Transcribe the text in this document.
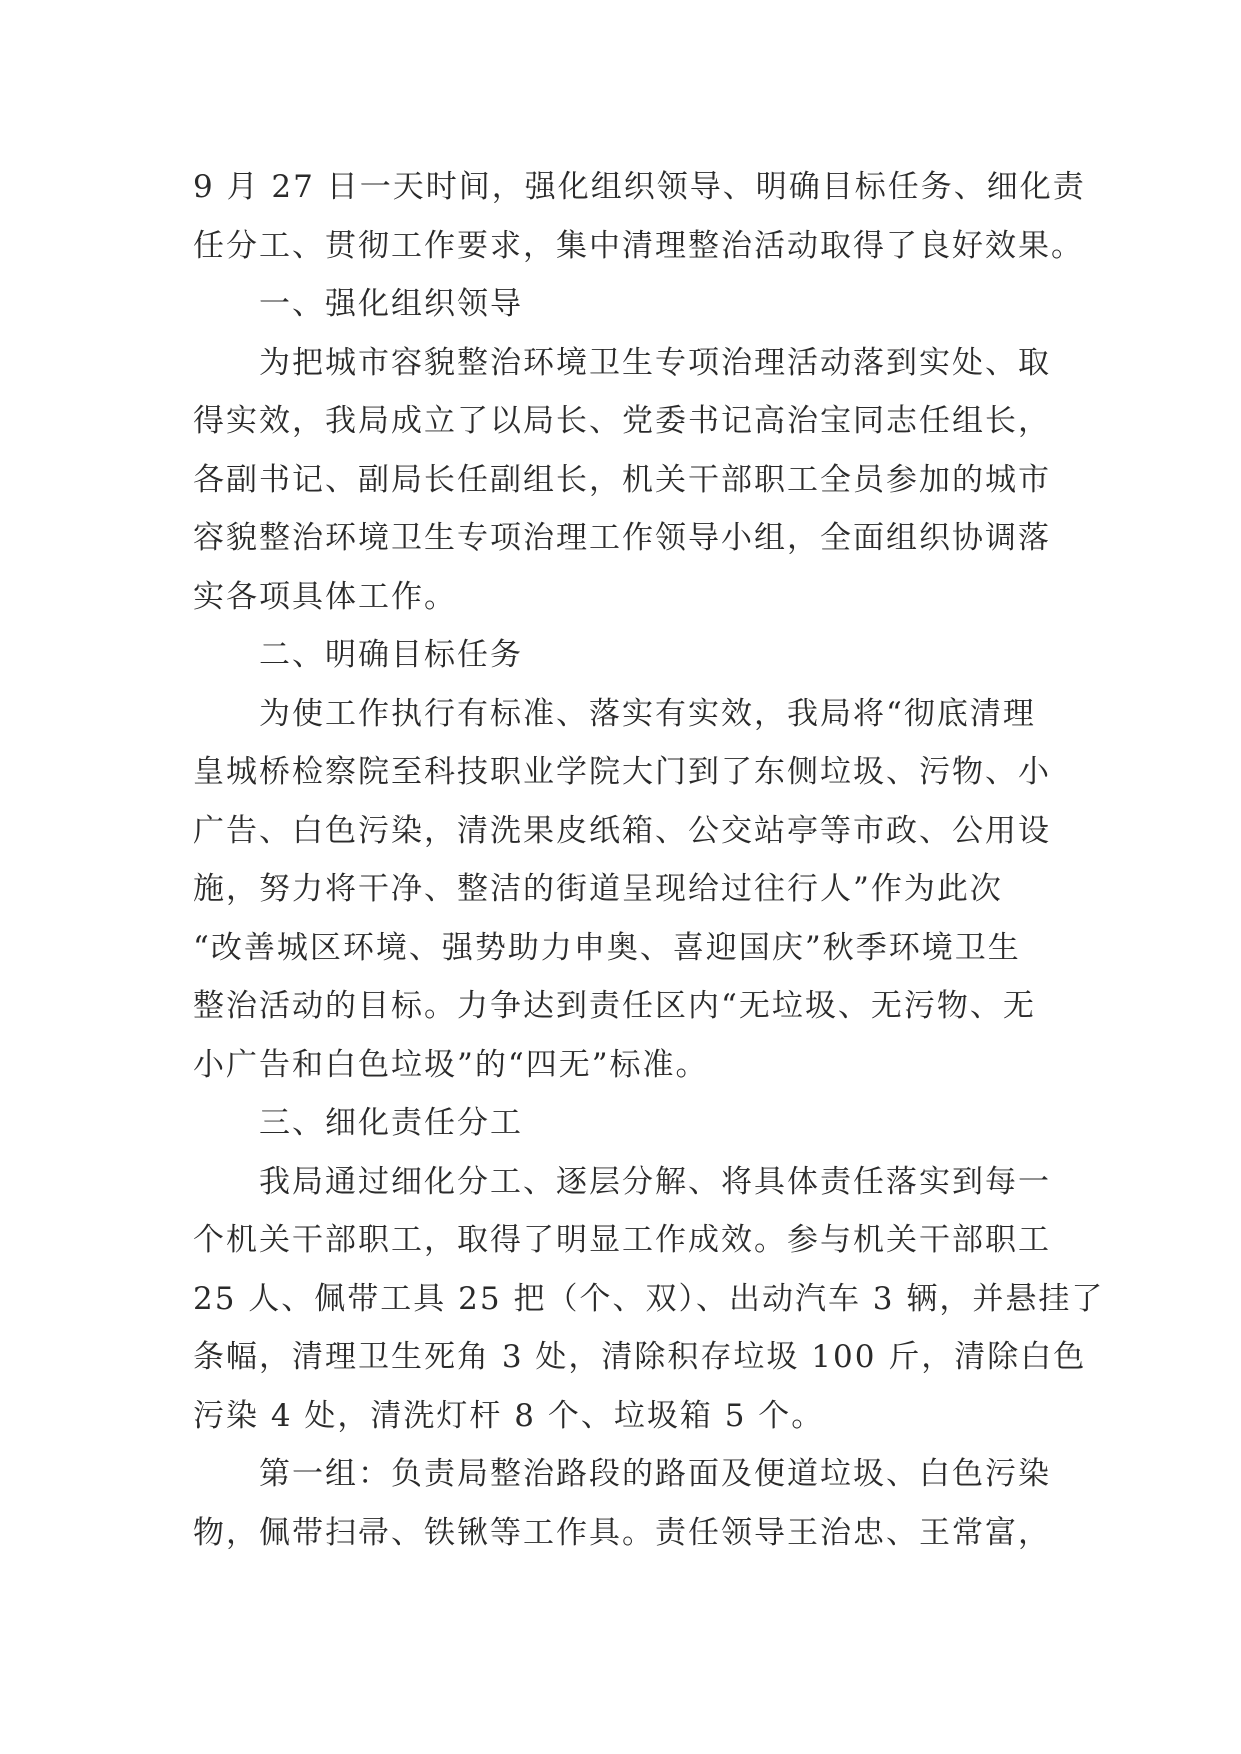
9 月 27 日一天时间，强化组织领导、明确目标任务、细化责
任分工、贯彻工作要求，集中清理整治活动取得了良好效果。
一、强化组织领导
为把城市容貌整治环境卫生专项治理活动落到实处、取
得实效，我局成立了以局长、党委书记高治宝同志任组长，
各副书记、副局长任副组长，机关干部职工全员参加的城市
容貌整治环境卫生专项治理工作领导小组，全面组织协调落
实各项具体工作。
二、明确目标任务
为使工作执行有标准、落实有实效，我局将“彻底清理
皇城桥检察院至科技职业学院大门到了东侧垃圾、污物、小
广告、白色污染，清洗果皮纸箱、公交站亭等市政、公用设
施，努力将干净、整洁的街道呈现给过往行人”作为此次
“改善城区环境、强势助力申奥、喜迎国庆”秋季环境卫生
整治活动的目标。力争达到责任区内“无垃圾、无污物、无
小广告和白色垃圾”的“四无”标准。
三、细化责任分工
我局通过细化分工、逐层分解、将具体责任落实到每一
个机关干部职工，取得了明显工作成效。参与机关干部职工
25 人、佩带工具 25 把（个、双）、出动汽车 3 辆，并悬挂了
条幅，清理卫生死角 3 处，清除积存垃圾 100 斤，清除白色
污染 4 处，清洗灯杆 8 个、垃圾箱 5 个。
第一组：负责局整治路段的路面及便道垃圾、白色污染
物，佩带扫帚、铁锹等工作具。责任领导王治忠、王常富，
